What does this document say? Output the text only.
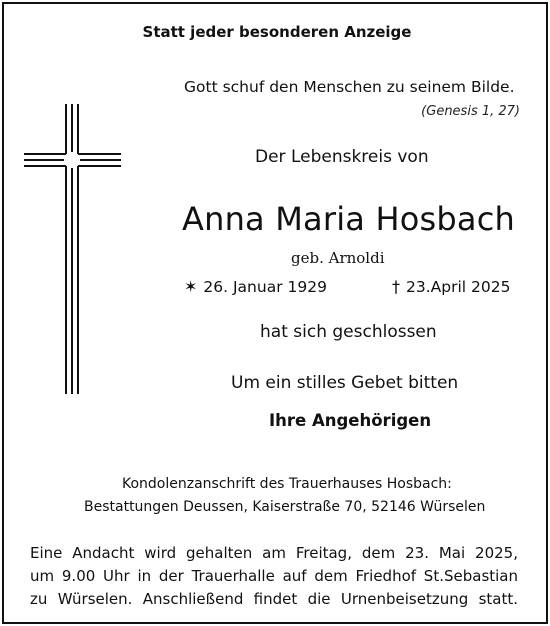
Statt jeder besonderen Anzeige
Gott schuf den Menschen zu seinem Bilde.
(Genesis 1, 27)
Der Lebenskreis von
Anna Maria Hosbach
geb. Arnoldi
✶ 26. Januar 1929	† 23.April 2025
hat sich geschlossen
Um ein stilles Gebet bitten
Ihre Angehörigen
Kondolenzanschrift des Trauerhauses Hosbach:
Bestattungen Deussen, Kaiserstraße 70, 52146 Würselen
Eine Andacht wird gehalten am Freitag, dem 23. Mai 2025,
um 9.00 Uhr in der Trauerhalle auf dem Friedhof St.Sebastian
zu Würselen. Anschließend findet die Urnenbeisetzung statt.
